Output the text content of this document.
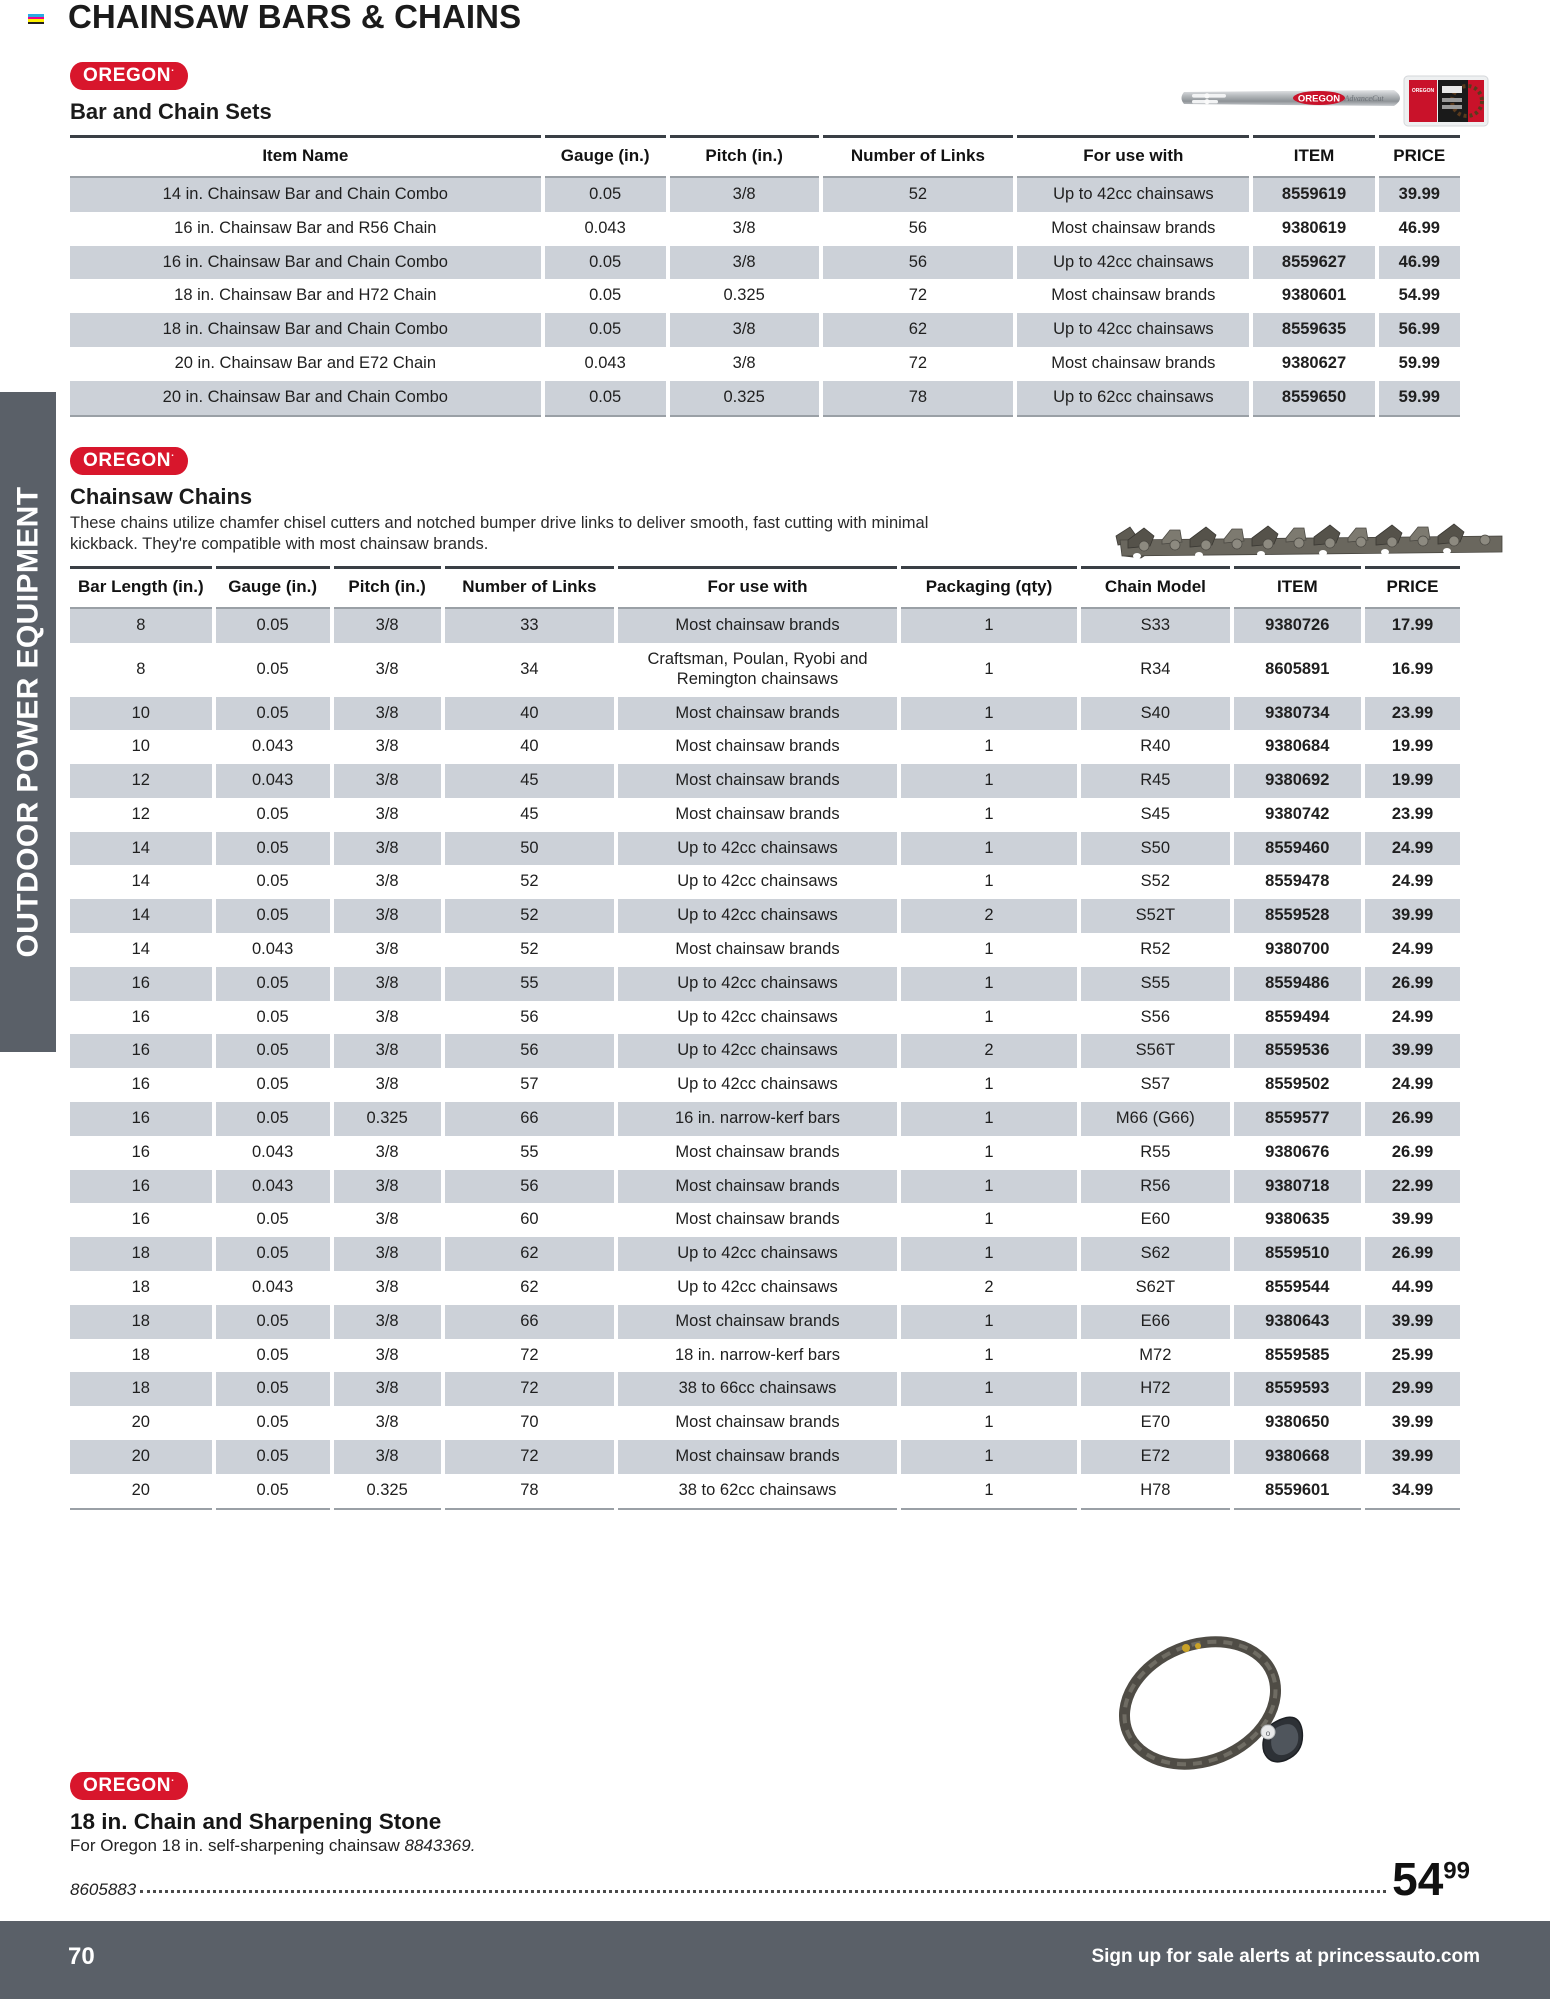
OUTDOOR POWER EQUIPMENT
CHAINSAW BARS & CHAINS
OREGON AdvanceCut
OREGON
OREGON·
Bar and Chain Sets
Item Name	Gauge (in.)	Pitch (in.)	Number of Links	For use with	ITEM	PRICE
14 in. Chainsaw Bar and Chain Combo	0.05	3/8	52	Up to 42cc chainsaws	8559619	39.99
16 in. Chainsaw Bar and R56 Chain	0.043	3/8	56	Most chainsaw brands	9380619	46.99
16 in. Chainsaw Bar and Chain Combo	0.05	3/8	56	Up to 42cc chainsaws	8559627	46.99
18 in. Chainsaw Bar and H72 Chain	0.05	0.325	72	Most chainsaw brands	9380601	54.99
18 in. Chainsaw Bar and Chain Combo	0.05	3/8	62	Up to 42cc chainsaws	8559635	56.99
20 in. Chainsaw Bar and E72 Chain	0.043	3/8	72	Most chainsaw brands	9380627	59.99
20 in. Chainsaw Bar and Chain Combo	0.05	0.325	78	Up to 62cc chainsaws	8559650	59.99
OREGON·
Chainsaw Chains
These chains utilize chamfer chisel cutters and notched bumper drive links to deliver smooth, fast cutting with minimal kickback. They're compatible with most chainsaw brands.
Bar Length (in.)	Gauge (in.)	Pitch (in.)	Number of Links	For use with	Packaging (qty)	Chain Model	ITEM	PRICE
8	0.05	3/8	33	Most chainsaw brands	1	S33	9380726	17.99
8	0.05	3/8	34	Craftsman, Poulan, Ryobi and Remington chainsaws	1	R34	8605891	16.99
10	0.05	3/8	40	Most chainsaw brands	1	S40	9380734	23.99
10	0.043	3/8	40	Most chainsaw brands	1	R40	9380684	19.99
12	0.043	3/8	45	Most chainsaw brands	1	R45	9380692	19.99
12	0.05	3/8	45	Most chainsaw brands	1	S45	9380742	23.99
14	0.05	3/8	50	Up to 42cc chainsaws	1	S50	8559460	24.99
14	0.05	3/8	52	Up to 42cc chainsaws	1	S52	8559478	24.99
14	0.05	3/8	52	Up to 42cc chainsaws	2	S52T	8559528	39.99
14	0.043	3/8	52	Most chainsaw brands	1	R52	9380700	24.99
16	0.05	3/8	55	Up to 42cc chainsaws	1	S55	8559486	26.99
16	0.05	3/8	56	Up to 42cc chainsaws	1	S56	8559494	24.99
16	0.05	3/8	56	Up to 42cc chainsaws	2	S56T	8559536	39.99
16	0.05	3/8	57	Up to 42cc chainsaws	1	S57	8559502	24.99
16	0.05	0.325	66	16 in. narrow-kerf bars	1	M66 (G66)	8559577	26.99
16	0.043	3/8	55	Most chainsaw brands	1	R55	9380676	26.99
16	0.043	3/8	56	Most chainsaw brands	1	R56	9380718	22.99
16	0.05	3/8	60	Most chainsaw brands	1	E60	9380635	39.99
18	0.05	3/8	62	Up to 42cc chainsaws	1	S62	8559510	26.99
18	0.043	3/8	62	Up to 42cc chainsaws	2	S62T	8559544	44.99
18	0.05	3/8	66	Most chainsaw brands	1	E66	9380643	39.99
18	0.05	3/8	72	18 in. narrow-kerf bars	1	M72	8559585	25.99
18	0.05	3/8	72	38 to 66cc chainsaws	1	H72	8559593	29.99
20	0.05	3/8	70	Most chainsaw brands	1	E70	9380650	39.99
20	0.05	3/8	72	Most chainsaw brands	1	E72	9380668	39.99
20	0.05	0.325	78	38 to 62cc chainsaws	1	H78	8559601	34.99
o
OREGON·
18 in. Chain and Sharpening Stone
For Oregon 18 in. self-sharpening chainsaw 8843369.
8605883	$54^{99}$
70	Sign up for sale alerts at princessauto.com
